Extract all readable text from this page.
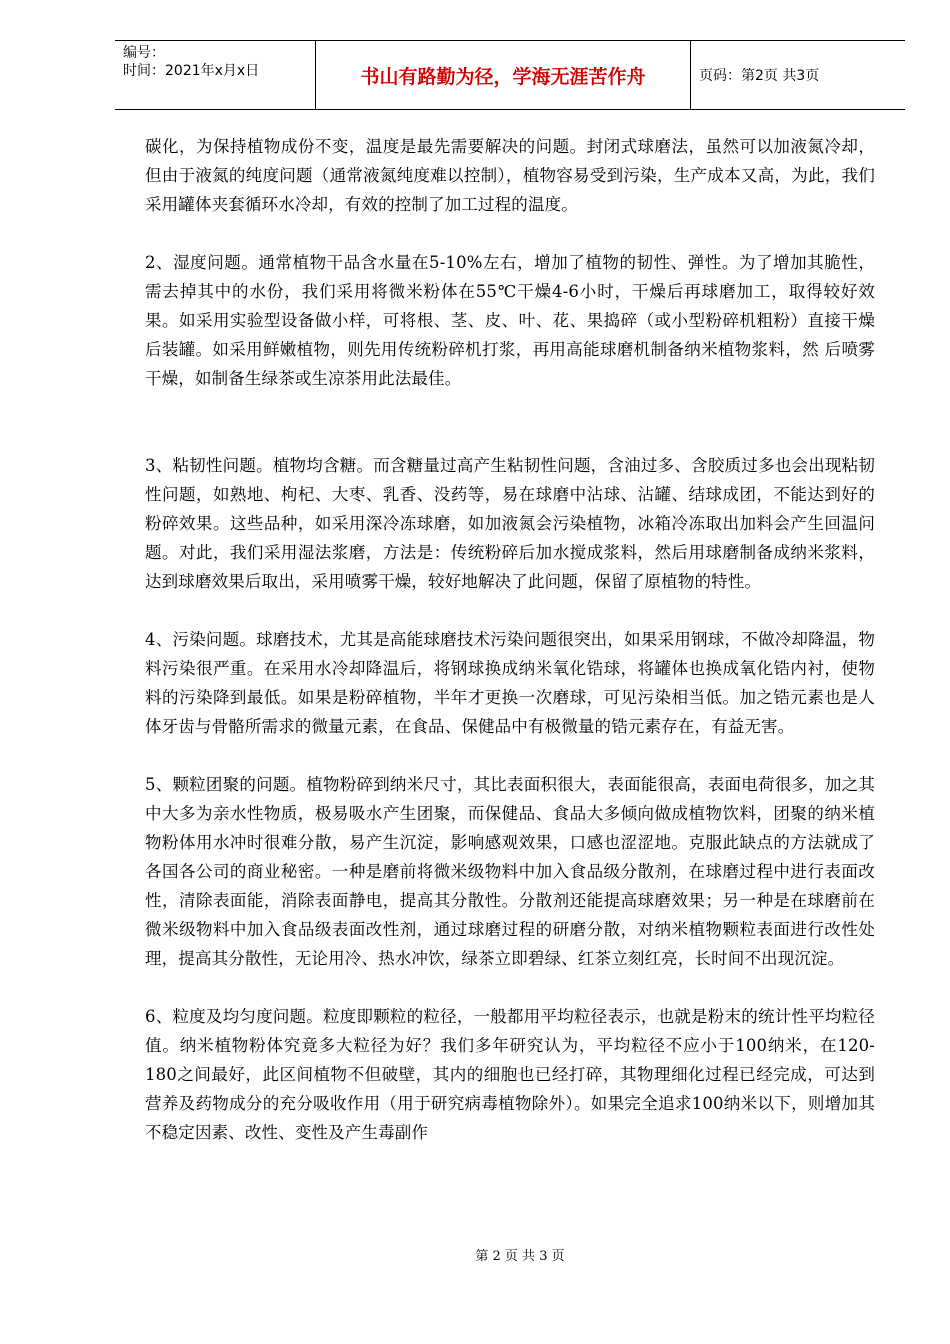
编号：
时间：2021年x月x日	书山有路勤为径，学海无涯苦作舟	页码：第2页 共3页

碳化，为保持植物成份不变，温度是最先需要解决的问题。封闭式球磨法，虽然可以加液氮冷却，但由于液氮的纯度问题（通常液氮纯度难以控制），植物容易受到污染，生产成本又高，为此，我们采用罐体夹套循环水冷却，有效的控制了加工过程的温度。

2、湿度问题。通常植物干品含水量在5-10%左右，增加了植物的韧性、弹性。为了增加其脆性，需去掉其中的水份，我们采用将微米粉体在55℃干燥4-6小时，干燥后再球磨加工，取得较好效果。如采用实验型设备做小样，可将根、茎、皮、叶、花、果捣碎（或小型粉碎机粗粉）直接干燥后装罐。如采用鲜嫩植物，则先用传统粉碎机打浆，再用高能球磨机制备纳米植物浆料，然 后喷雾干燥，如制备生绿茶或生凉茶用此法最佳。

3、粘韧性问题。植物均含糖。而含糖量过高产生粘韧性问题，含油过多、含胶质过多也会出现粘韧性问题，如熟地、枸杞、大枣、乳香、没药等，易在球磨中沾球、沾罐、结球成团，不能达到好的粉碎效果。这些品种，如采用深冷冻球磨，如加液氮会污染植物，冰箱冷冻取出加料会产生回温问题。对此，我们采用湿法浆磨，方法是：传统粉碎后加水搅成浆料，然后用球磨制备成纳米浆料，达到球磨效果后取出，采用喷雾干燥，较好地解决了此问题，保留了原植物的特性。

4、污染问题。球磨技术，尤其是高能球磨技术污染问题很突出，如果采用钢球，不做冷却降温，物料污染很严重。在采用水冷却降温后，将钢球换成纳米氧化锆球，将罐体也换成氧化锆内衬，使物料的污染降到最低。如果是粉碎植物，半年才更换一次磨球，可见污染相当低。加之锆元素也是人体牙齿与骨骼所需求的微量元素，在食品、保健品中有极微量的锆元素存在，有益无害。

5、颗粒团聚的问题。植物粉碎到纳米尺寸，其比表面积很大，表面能很高，表面电荷很多，加之其中大多为亲水性物质，极易吸水产生团聚，而保健品、食品大多倾向做成植物饮料，团聚的纳米植物粉体用水冲时很难分散，易产生沉淀，影响感观效果，口感也涩涩地。克服此缺点的方法就成了各国各公司的商业秘密。一种是磨前将微米级物料中加入食品级分散剂，在球磨过程中进行表面改性，清除表面能，消除表面静电，提高其分散性。分散剂还能提高球磨效果；另一种是在球磨前在微米级物料中加入食品级表面改性剂，通过球磨过程的研磨分散，对纳米植物颗粒表面进行改性处理，提高其分散性，无论用冷、热水冲饮，绿茶立即碧绿、红茶立刻红亮，长时间不出现沉淀。

6、粒度及均匀度问题。粒度即颗粒的粒径，一般都用平均粒径表示，也就是粉末的统计性平均粒径值。纳米植物粉体究竟多大粒径为好？我们多年研究认为，平均粒径不应小于100纳米，在120-180之间最好，此区间植物不但破壁，其内的细胞也已经打碎，其物理细化过程已经完成，可达到营养及药物成分的充分吸收作用（用于研究病毒植物除外）。如果完全追求100纳米以下，则增加其不稳定因素、改性、变性及产生毒副作

第 2 页 共 3 页
